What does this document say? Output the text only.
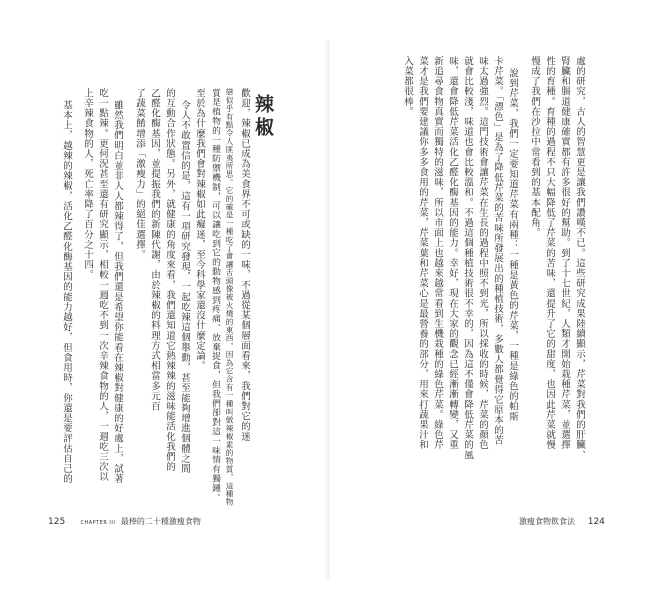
歡迎，辣椒已成為美食界不可或缺的一味，不過從某個層面看來，我們對它的迷
戀似乎有點令人匪夷所思。它的確是一種吃了會讓舌頭像被火燒的東西，因為它含有一種叫做辣椒素的物質，這種物
質是植物的一種防禦機制，可以讓吃到它的動物感到疼痛、放棄捉食，但我們卻對這一味情有獨鍾。
至於為什麼我們會對辣椒如此癡迷，至今科學家還沒什麼定論。
令人不敢置信的是，這有一項研究發現，一起吃辣這個舉動，甚至能夠增進個體之間
的互動合作狀態。另外，就健康的角度來看，我們還知道它熱辣辣的滋味能活化我們的
乙醛化酶基因，並提振我們的新陳代謝，由於辣椒的料理方式相當多元百
了蔬菜餚增添「激瘦力」的絕佳選擇。
雖然我們明白並非人人都辣得了，但我們還是希望你能看在辣椒對健康的好處上，試著
吃一點辣。更何況甚至還有研究顯示，相較一週吃不到一次辛辣食物的人，一週吃三次以
上辛辣食物的人，死亡率降了百分之十四。
基本上，越辣的辣椒，活化乙醛化酶基因的能力越好，但食用時，你還是要評估自己的	辣椒
125	CHAPTER III 最棒的二十種激瘦食物
處的研究，古人的智慧更是讓我們讚嘆不已。這些研究成果陸續顯示，芹菜對我們的肝臟、
腎臟和腸道健康確實都有許多很好的幫助。到了十七世紀，人類才開始栽種芹菜，並選擇
性的育種。育種的過程不只大幅降低了芹菜的苦味，還提升了它的甜度，也因此芹菜就慢
慢成了我們在沙拉中常看到的基本配角。
說到芹菜，我們一定要知道芹菜有兩種：一種是黃色的芹菜，一種是綠色的帕斯
卡芹菜。「漂色」是為了降低芹菜的苦味所發展出的種植技術，多數人都覺得它原本的苦
味太過強烈。這門技術會讓芹菜在生長的過程中照不到光，所以採收的時候，芹菜的顏色
就會比較淺，味道也會比較溫和。不過這個種植技術很不幸的，因為這不僅會降低芹菜的風
味，還會降低芹菜活化乙醛化酶基因的能力。幸好，現在大家的觀念已經漸漸轉變，又重
新追尋食物真實而獨特的滋味，所以市面上也越來越常看到生機栽種的綠色芹菜。綠色芹
菜才是我們要建議你多多食用的芹菜，芹菜葉和芹菜心是最營養的部分，用來打蔬果汁和
入菜都很棒。
激瘦食物飲食法 124
